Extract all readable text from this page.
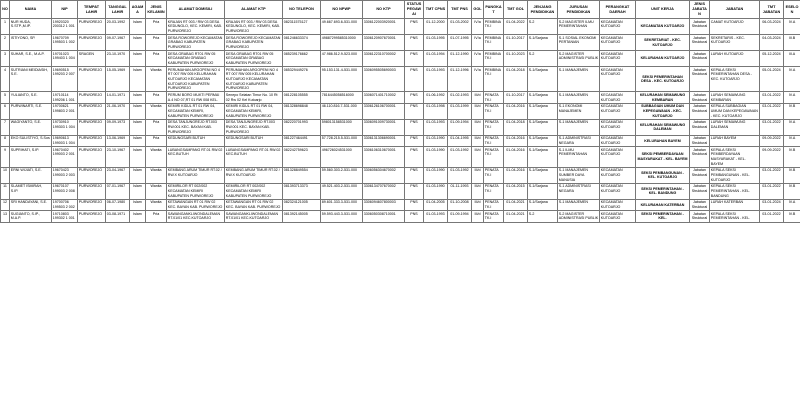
NO	NAMA	NIP	TEMPAT LAHIR	TANGGAL LAHIR	AGAMA	JENIS KELAMIN	ALAMAT DOMISILI	ALAMAT KTP	NO TELEPON	NO NPWP	NO KTP	STATUS PEGAWAI	TMT CPNS	TMT PNS	GOL	PANGKAT	TMT GOL	JENJANG PENDIDIKAN	JURUSAN PENDIDIKAN	PERANGKAT DAERAH	UNIT KERJA	JENIS JABATAN	JABATAN	TMT JABATAN	ESELON
1	NUR HUDA, S.STP.,M.IP.	19920320 200312 1 001	PURWOREJO	20-03-1992	Islam	Pria	KRAJAN RT 003 / RW 03 DESA KEDUNGLO, KEC. KEMIRI, KAB. PURWOREJO	KRAJAN RT 003 / RW 03 DESA KEDUNGLO, KEC. KEMIRI, KAB. PURWOREJO	082311575127	49.667.693.6-531.000	3306122003920001	PNS	01-12-2000	01-03-2002	IV/a	PEMBINA TK.I	01-04-2022	S-2	S-2 MAGISTER ILMU PEMERINTAHAN	KECAMATAN KUTOARJO	KECAMATAN KUTOARJO	Jabatan Struktural	CAMAT KUTOARJO	06-03-2024	IV.A
2	ISTIYONO, SP.	19670709 199503 1 002	PURWOREJO	09-07-1967	Islam	Pria	DESA ROWOREJO KECAMATAN GRABAG KABUPATEN PURWOREJO	DESA ROWOREJO KECAMATAN GRABAG KABUPATEN PURWOREJO	081246633374	49887299585310000	3306120907670001	PNS	01-03-1995	01-07-1995	IV/a	PEMBINA TK.I	01-10-2017	S-1/Sarjana	S-1 SOSIAL EKONOMI PERTANIAN	KECAMATAN KUTOARJO	SEKRETARIAT - KEC. KUTOARJO	Jabatan Struktural	SEKRETARIS - KEC. KUTOARJO	04-03-2024	III.B
3	SUHAR, S.E., M.A.P.	19701023 199403 1 004	SRAGEN	23-10-1970	Islam	Pria	DESA GRABAG RT01 RW 05 KECAMATAN GRABAG KABUPATEN PURWOREJO	DESA GRABAG RT01 RW 05 KECAMATAN GRABAG KABUPATEN PURWOREJO	085239176662	47.986.512.9-523.000	3306122310700002	PNS	01-03-1994	01-12-1990	IV/a	PEMBINA TK.I	01-10-2023	S-2	S-2 MAGISTER ADMINISTRASI PUBLIK	KECAMATAN KUTOARJO	KELURAHAN KUTOARJO	Jabatan Struktural	LURAH KUTOARJO	05-12-2024	III.A
4	SUTRIANI MEIDIASIH, S.E.	19690515 199203 2 007	PURWOREJO	15-05-1969	Islam	Wanita	PERUMAHAN ARGOPENI NO 4 RT 007 RW 005 KELURAHAN KUTOARJO KECAMATAN KUTOARJO KABUPATEN PURWOREJO	PERUMAHAN ARGOPENI NO 4 RT 007 RW 005 KELURAHAN KUTOARJO KECAMATAN KUTOARJO KABUPATEN PURWOREJO	085329449276	95.153.131.4-531.000	3306095505690003	PNS	01-03-1993	01-12-1996	IV/a	PEMBINA TK.I	01-04-2018	S-1/Sarjana	S-1 MANAJEMEN	KECAMATAN KUTOARJO	SEKSI PEMERINTAHAN DESA - KEC. KUTOARJO	Jabatan Struktural	KEPALA SEKSI PEMERINTAHAN DESA - KEC. KUTOARJO	05-01-2024	IV.A
5	YULIANTO, S.E.	19710114 199206 1 001	PURWOREJO	14-01-1971	Islam	Pria	PERUM BORO MUKTI PERMAI A.4 NO 07,RT 01 RW 008 KEL.	Senepo Selatan Timur No. 10 Rt 02 Rw 02 Kel Kutoarjo	081228105555	7816445058516000	3306071401710002	PNS	01-06-1992	01-02-1993	III/d	PENATA TK.I	01-10-2017	S-1/Sarjana	S-1 MANAJEMEN	KECAMATAN KUTOARJO	KELURAHAN SEMAWUNG KEMBARAN	Jabatan Struktural	LURAH SEMAWUNG KEMBARAN	03-01-2022	IV.A
6	PURWINARTI, S.E.	19700621 199803 2 001	PURWOREJO	21-06-1970	Islam	Wanita	KEMIRI KIDUL RT 01 RW 04, KECAMATAN KEMIRI, KABUPATEN PURWOREJO	KEMIRI KIDUL RT 01 RW 04, KECAMATAN KEMIRI, KABUPATEN PURWOREJO	081328698848	46.110.816.7-531.000	3306126106700001	PNS	01-03-1998	01-03-1999	III/d	PENATA TK.I	01-04-2016	S-1/Sarjana	S-1 EKONOMI MANAJEMEN	KECAMATAN KUTOARJO	SUBBAGIAN UMUM DAN KEPEGAWAIAN - KEC. KUTOARJO	Jabatan Struktural	KEPALA SUBBAGIAN UMUM DAN KEPEGAWAIAN - KEC. KUTOARJO	03-01-2022	IV.B
7	WAGIYANTO, S.E.	19730910 199303 1 004	PURWOREJO	09-09-1973	Islam	Pria	DESA TANJUNGREJO RT.003 RW.001 KEC. BAYAN KAB. PURWOREJO	DESA TANJUNGREJO RT.003 RW.001 KEC. BAYAN KAB. PURWOREJO	082220701993	598013158531000	3306091009730001	PNS	01-03-1993	01-09-1994	III/d	PENATA TK.I	01-04-2018	S-1/Sarjana	S-1 MANAJEMEN	KECAMATAN KUTOARJO	KELURAHAN SEMAWUNG DALEMAN	Jabatan Struktural	LURAH SEMAWUNG DALEMAN	03-01-2022	IV.A
8	EKO SULISTIYO, S.Sos	19690613 199003 1 004	PURWOREJO	13-06-1969	Islam	Pria	KEDUNGSARI BUTUH	KEDUNGSARI BUTUH	081227464491	57.728.215.5-531.000	3306131306690001	PNS	01-03-1990	01-04-1995	III/d	PENATA TK.I	01-04-2016	S-1/Sarjana	S-1 ADMINISTRASI NEGARA	KECAMATAN KUTOARJO	KELURAHAN BAYEM	Jabatan Struktural	LURAH BAYEM	09-09-2022	IV.A
9	SUPRIHATI, S.IP.	19670402 199003 2 001	PURWOREJO	23-10-1967	Islam	Wanita	LUBANGSAMPANG RT.01 RW.02 KEC.BUTUH	LUBANGSAMPANG RT.01 RW.02 KEC.BUTUH	082242759623	496726024531000	3306106310670001	PNS	01-03-1990	01-03-1992	III/d	PENATA TK.I	01-04-2016	S-1/Sarjana	S-1 ILMU PEMERINTAHAN	KECAMATAN KUTOARJO	SEKSI PEMBERDAYAAN MASYARAKAT - KEL. BAYEM	Jabatan Struktural	KEPALA SEKSI PEMBERDAYAAN MASYARAKAT - KEL. BAYEM	09-09-2022	IV.B
10	ERNI WIJIATI, S.E.	19670423 199003 2 003	PURWOREJO	23-04-1967	Islam	Wanita	KEMBANG ARUM TIMUR RT.02 / RW.X KUTOARJO	KEMBANG ARUM TIMUR RT.02 / RW.X KUTOARJO	081328849554	59.560.303.2-531.000	3306056304670002	PNS	01-03-1990	01-03-1992	III/d	PENATA TK.I	01-04-2016	S-1/Sarjana	S-1 MANAJEMEN SUMBER DAYA MANUSIA	KECAMATAN KUTOARJO	SEKSI PEMBANGUNAN - KEL. KUTOARJO	Jabatan Struktural	KEPALA SEKSI PEMBANGUNAN - KEL. KUTOARJO	03-01-2022	IV.B
11	SLAMET ISMIRAH, S.IP.	19670107 199003 2 008	PURWOREJO	07-01-1967	Islam	Wanita	KEMIRILOR RT 002/002 KECAMATAN KEMIRI KABUPATEN PURWOREJO	KEMIRILOR RT 002/002 KECAMATAN KEMIRI KABUPATEN PURWOREJO	081393713373	49.521.403.2-531.000	3306134707670002	PNS	01-03-1990	01-11-1993	III/d	PENATA TK.I	01-04-2015	S-1/Sarjana	S-1 ADMINISTRASI NEGARA	KECAMATAN KUTOARJO	SEKSI PEMERINTAHAN - KEL. BANDUNG	Jabatan Struktural	KEPALA SEKSI PEMERINTAHAN - KEL. BANDUNG	03-01-2022	IV.B
12	SRI HANDAYANI, S.E.	19700706 199503 2 002	PURWOREJO	06-07-1980	Islam	Wanita	KETAWANGAN RT 01 RW 02 KEC. BAYAN KAB. PURWOREJO	KETAWANGAN RT 01 RW 02 KEC. BAYAN KAB. PURWOREJO	082324121005	89.601.333.3-531.000	3306094607800003	PNS	01-04-2005	01-10-2008	III/d	PENATA TK.I	01-04-2021	S-1/Sarjana	S-1 MANAJEMEN	KECAMATAN KUTOARJO	KELURAHAN KATERBAN	Jabatan Struktural	LURAH KATERBAN	03-01-2024	IV.A
13	SUGIANTO, S.IP., M.A.P.	19710803 199302 1 001	PURWOREJO	03-08-1971	Islam	Pria	SAWANGANKLIWONDALEMAN RT.01/01 KEC.KUTOARJO	SAWANGANKLIWONDALEMAN RT.01/01 KEC.KUTOARJO	081392145005	59.593.443.3-531.000	3306050308710001	PNS	01-03-1993	01-09-1994	III/d	PENATA TK.I	01-04-2021	S-2	S-2 MAGISTER ADMINISTRASI PUBLIK	KECAMATAN KUTOARJO	SEKSI PEMERINTAHAN - KEL.	Jabatan Struktural	KEPALA SEKSI PEMERINTAHAN - KEL.	03-01-2022	IV.B
